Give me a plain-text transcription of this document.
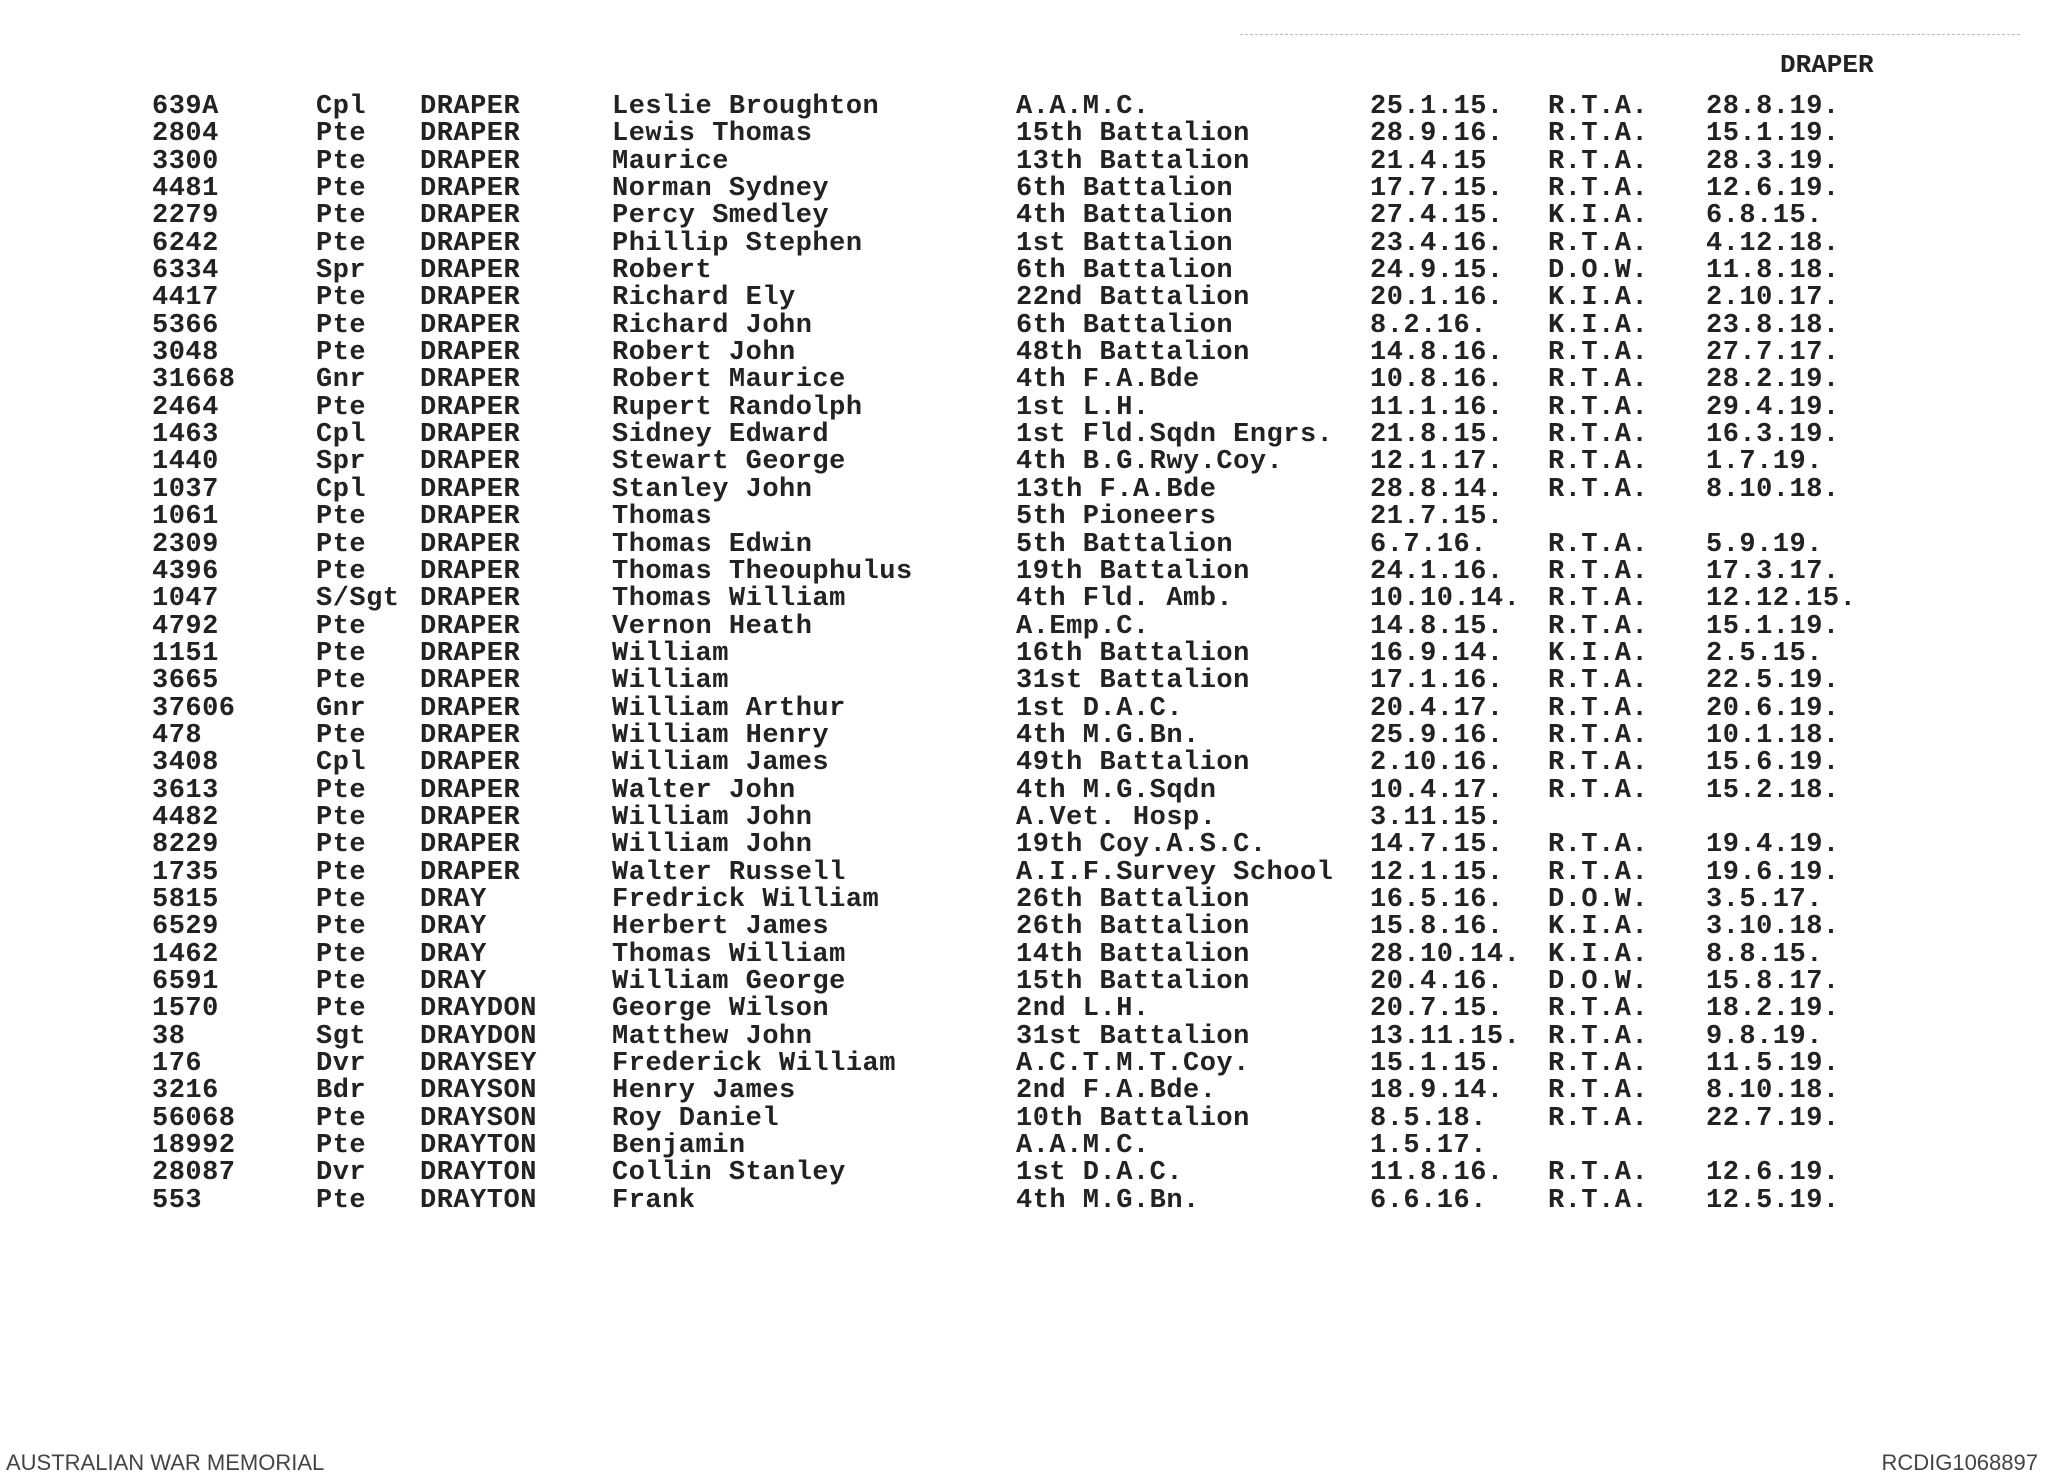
DRAPER
639A	Cpl DRAPER	Leslie Broughton	A.A.M.C.	25.1.15. R.T.A. 28.8.19.
2804	Pte DRAPER	Lewis Thomas	15th Battalion	28.9.16. R.T.A. 15.1.19.
3300	Pte DRAPER	Maurice	13th Battalion	21.4.15 R.T.A. 28.3.19.
4481	Pte DRAPER	Norman Sydney	6th Battalion	17.7.15. R.T.A. 12.6.19.
2279	Pte DRAPER	Percy Smedley	4th Battalion	27.4.15. K.I.A. 6.8.15.
6242	Pte DRAPER	Phillip Stephen	1st Battalion	23.4.16. R.T.A. 4.12.18.
6334	Spr DRAPER	Robert	6th Battalion	24.9.15. D.O.W. 11.8.18.
4417	Pte DRAPER	Richard Ely	22nd Battalion	20.1.16. K.I.A. 2.10.17.
5366	Pte DRAPER	Richard John	6th Battalion	8.2.16. K.I.A. 23.8.18.
3048	Pte DRAPER	Robert John	48th Battalion	14.8.16. R.T.A. 27.7.17.
31668	Gnr DRAPER	Robert Maurice	4th F.A.Bde	10.8.16. R.T.A. 28.2.19.
2464	Pte DRAPER	Rupert Randolph	1st L.H.	11.1.16. R.T.A. 29.4.19.
1463	Cpl DRAPER	Sidney Edward	1st Fld.Sqdn Engrs. 21.8.15. R.T.A. 16.3.19.
1440	Spr DRAPER	Stewart George	4th B.G.Rwy.Coy.	12.1.17. R.T.A. 1.7.19.
1037	Cpl DRAPER	Stanley John	13th F.A.Bde	28.8.14. R.T.A. 8.10.18.
1061	Pte DRAPER	Thomas	5th Pioneers	21.7.15.
2309	Pte DRAPER	Thomas Edwin	5th Battalion	6.7.16. R.T.A. 5.9.19.
4396	Pte DRAPER	Thomas Theouphulus	19th Battalion	24.1.16. R.T.A. 17.3.17.
1047	S/Sgt DRAPER	Thomas William	4th Fld. Amb.	10.10.14. R.T.A. 12.12.15.
4792	Pte DRAPER	Vernon Heath	A.Emp.C.	14.8.15. R.T.A. 15.1.19.
1151	Pte DRAPER	William	16th Battalion	16.9.14. K.I.A. 2.5.15.
3665	Pte DRAPER	William	31st Battalion	17.1.16. R.T.A. 22.5.19.
37606	Gnr DRAPER	William Arthur	1st D.A.C.	20.4.17. R.T.A. 20.6.19.
478	Pte DRAPER	William Henry	4th M.G.Bn.	25.9.16. R.T.A. 10.1.18.
3408	Cpl DRAPER	William James	49th Battalion	2.10.16. R.T.A. 15.6.19.
3613	Pte DRAPER	Walter John	4th M.G.Sqdn	10.4.17. R.T.A. 15.2.18.
4482	Pte DRAPER	William John	A.Vet. Hosp.	3.11.15.
8229	Pte DRAPER	William John	19th Coy.A.S.C.	14.7.15. R.T.A. 19.4.19.
1735	Pte DRAPER	Walter Russell	A.I.F.Survey School 12.1.15. R.T.A. 19.6.19.
5815	Pte DRAY	Fredrick William	26th Battalion	16.5.16. D.O.W. 3.5.17.
6529	Pte DRAY	Herbert James	26th Battalion	15.8.16. K.I.A. 3.10.18.
1462	Pte DRAY	Thomas William	14th Battalion	28.10.14. K.I.A. 8.8.15.
6591	Pte DRAY	William George	15th Battalion	20.4.16. D.O.W. 15.8.17.
1570	Pte DRAYDON	George Wilson	2nd L.H.	20.7.15. R.T.A. 18.2.19.
38	Sgt DRAYDON	Matthew John	31st Battalion	13.11.15. R.T.A. 9.8.19.
176	Dvr DRAYSEY	Frederick William	A.C.T.M.T.Coy.	15.1.15. R.T.A. 11.5.19.
3216	Bdr DRAYSON	Henry James	2nd F.A.Bde.	18.9.14. R.T.A. 8.10.18.
56068	Pte DRAYSON	Roy Daniel	10th Battalion	8.5.18. R.T.A. 22.7.19.
18992	Pte DRAYTON	Benjamin	A.A.M.C.	1.5.17.
28087	Dvr DRAYTON	Collin Stanley	1st D.A.C.	11.8.16. R.T.A. 12.6.19.
553	Pte DRAYTON	Frank	4th M.G.Bn.	6.6.16. R.T.A. 12.5.19.
AUSTRALIAN WAR MEMORIAL	RCDIG1068897
